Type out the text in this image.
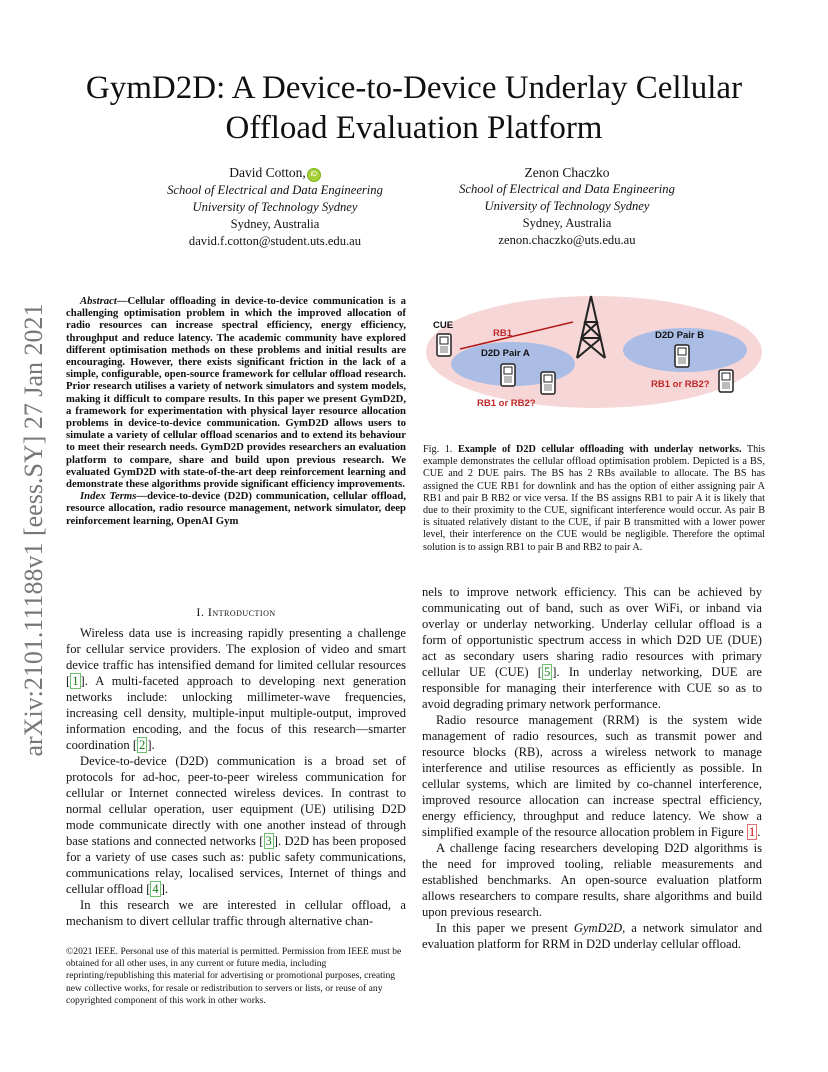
arXiv:2101.11188v1 [eess.SY] 27 Jan 2021
GymD2D: A Device-to-Device Underlay Cellular
Offload Evaluation Platform
David Cotton, iD
School of Electrical and Data Engineering
University of Technology Sydney
Sydney, Australia
david.f.cotton@student.uts.edu.au
Zenon Chaczko
School of Electrical and Data Engineering
University of Technology Sydney
Sydney, Australia
zenon.chaczko@uts.edu.au
Abstract—Cellular offloading in device-to-device communication is a challenging optimisation problem in which the improved allocation of radio resources can increase spectral efficiency, energy efficiency, throughput and reduce latency. The academic community have explored different optimisation methods on these problems and initial results are encouraging. However, there exists significant friction in the lack of a simple, configurable, open-source framework for cellular offload research. Prior research utilises a variety of network simulators and system models, making it difficult to compare results. In this paper we present GymD2D, a framework for experimentation with physical layer resource allocation problems in device-to-device communication. GymD2D allows users to simulate a variety of cellular offload scenarios and to extend its behaviour to meet their research needs. GymD2D provides researchers an evaluation platform to compare, share and build upon previous research. We evaluated GymD2D with state-of-the-art deep reinforcement learning and demonstrate these algorithms provide significant efficiency improvements.
Index Terms—device-to-device (D2D) communication, cellular offload, resource allocation, radio resource management, network simulator, deep reinforcement learning, OpenAI Gym
I. Introduction

Wireless data use is increasing rapidly presenting a challenge for cellular service providers. The explosion of video and smart device traffic has intensified demand for limited cellular resources [ 1 ]. A multi-faceted approach to developing next generation networks include: unlocking millimeter-wave frequencies, increasing cell density, multiple-input multiple-output, improved information encoding, and the focus of this research—smarter coordination [ 2 ].

Device-to-device (D2D) communication is a broad set of protocols for ad-hoc, peer-to-peer wireless communication for cellular or Internet connected wireless devices. In contrast to normal cellular operation, user equipment (UE) utilising D2D mode communicate directly with one another instead of through base stations and connected networks [ 3 ]. D2D has been proposed for a variety of use cases such as: public safety communications, communications relay, localised services, Internet of things and cellular offload [ 4 ].

In this research we are interested in cellular offload, a mechanism to divert cellular traffic through alternative chan-

©2021 IEEE. Personal use of this material is permitted. Permission from IEEE must be obtained for all other uses, in any current or future media, including reprinting/republishing this material for advertising or promotional purposes, creating new collective works, for resale or redistribution to servers or lists, or reuse of any copyrighted component of this work in other works.
CUE
RB1
D2D Pair A
D2D Pair B
RB1 or RB2?
RB1 or RB2?
Fig. 1. Example of D2D cellular offloading with underlay networks. This example demonstrates the cellular offload optimisation problem. Depicted is a BS, CUE and 2 DUE pairs. The BS has 2 RBs available to allocate. The BS has assigned the CUE RB1 for downlink and has the option of either assigning pair A RB1 and pair B RB2 or vice versa. If the BS assigns RB1 to pair A it is likely that due to their proximity to the CUE, significant interference would occur. As pair B is situated relatively distant to the CUE, if pair B transmitted with a lower power level, their interference on the CUE would be negligible. Therefore the optimal solution is to assign RB1 to pair B and RB2 to pair A.

nels to improve network efficiency. This can be achieved by communicating out of band, such as over WiFi, or inband via overlay or underlay networking. Underlay cellular offload is a form of opportunistic spectrum access in which D2D UE (DUE) act as secondary users sharing radio resources with primary cellular UE (CUE) [ 5 ]. In underlay networking, DUE are responsible for managing their interference with CUE so as to avoid degrading primary network performance.

Radio resource management (RRM) is the system wide management of radio resources, such as transmit power and resource blocks (RB), across a wireless network to manage interference and utilise resources as efficiently as possible. In cellular systems, which are limited by co-channel interference, improved resource allocation can increase spectral efficiency, energy efficiency, throughput and reduce latency. We show a simplified example of the resource allocation problem in Figure 1 .

A challenge facing researchers developing D2D algorithms is the need for improved tooling, reliable measurements and established benchmarks. An open-source evaluation platform allows researchers to compare results, share algorithms and build upon previous research.

In this paper we present GymD2D, a network simulator and evaluation platform for RRM in D2D underlay cellular offload.
